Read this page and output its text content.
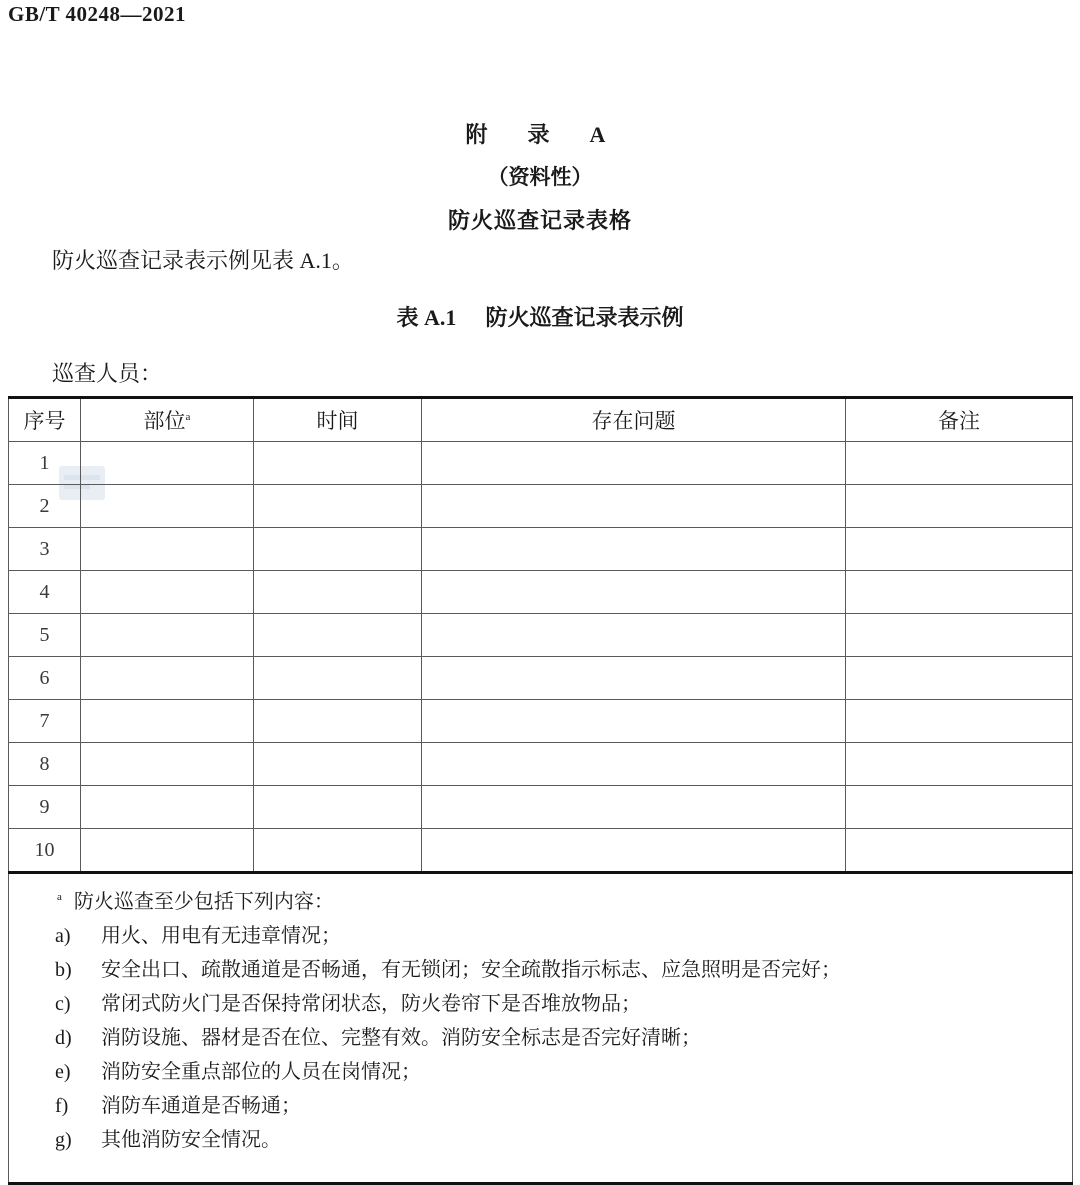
GB/T 40248—2021
附　录　A
（资料性）
防火巡查记录表格
防火巡查记录表示例见表 A.1。
表 A.1 防火巡查记录表示例
巡查人员：
序号	部位$^a$	时间	存在问题	备注
1				
2				
3				
4				
5				
6				
7				
8				
9				
10				

$^a$ 防火巡查至少包括下列内容：
a) 用火、用电有无违章情况；
b) 安全出口、疏散通道是否畅通，有无锁闭；安全疏散指示标志、应急照明是否完好；
c) 常闭式防火门是否保持常闭状态，防火卷帘下是否堆放物品；
d) 消防设施、器材是否在位、完整有效。消防安全标志是否完好清晰；
e) 消防安全重点部位的人员在岗情况；
f) 消防车通道是否畅通；
g) 其他消防安全情况。
